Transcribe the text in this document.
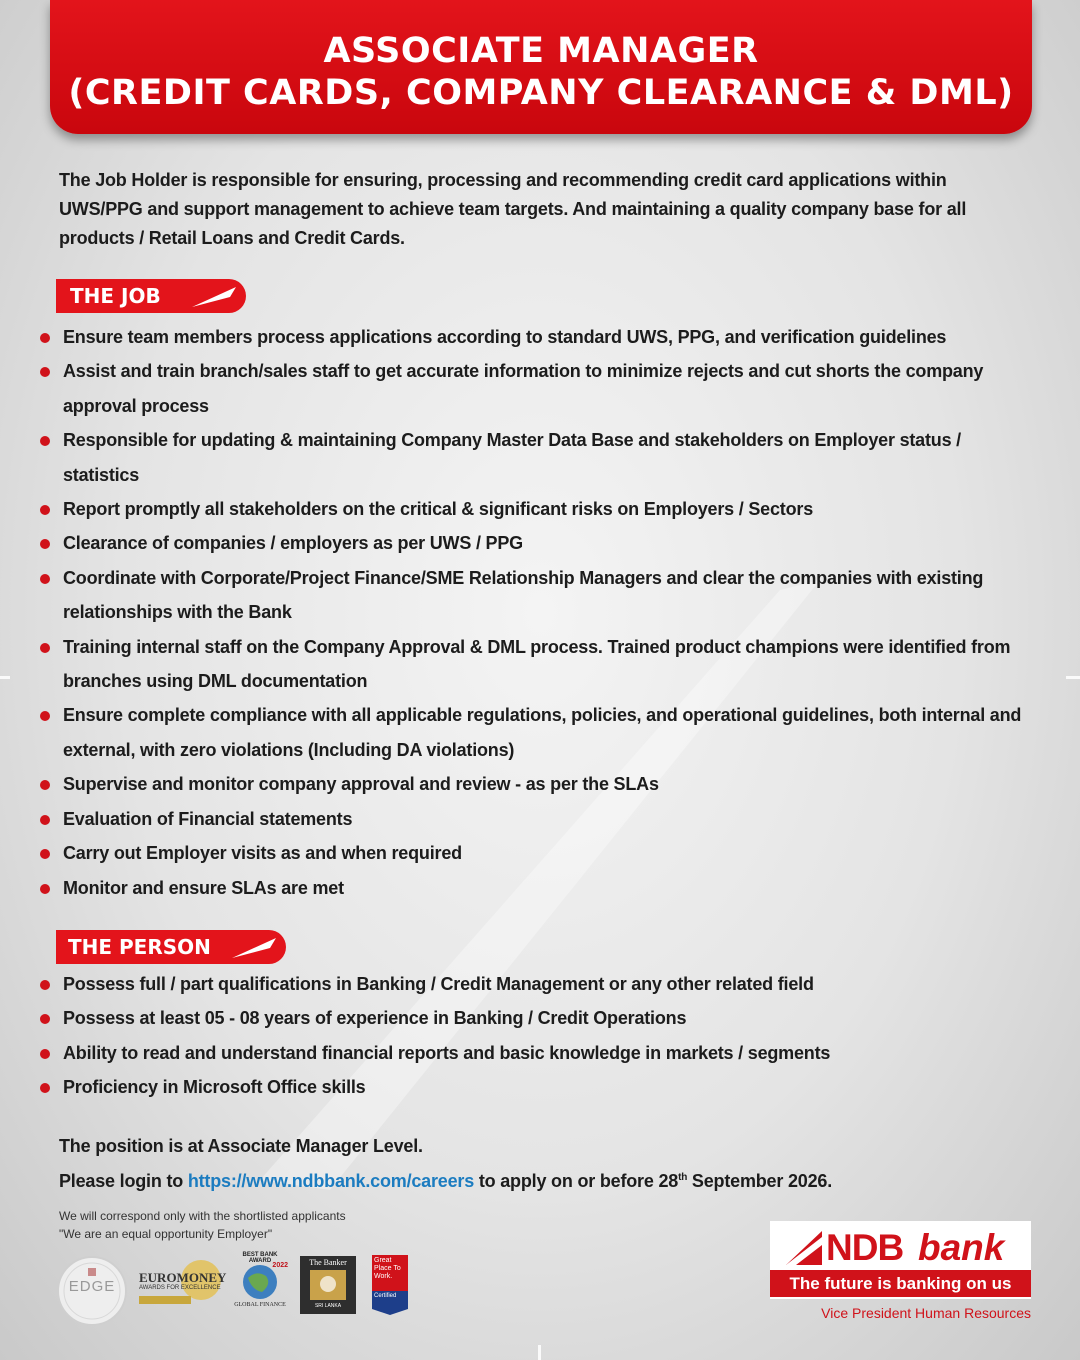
ASSOCIATE MANAGER
(CREDIT CARDS, COMPANY CLEARANCE & DML)
The Job Holder is responsible for ensuring, processing and recommending credit card applications within UWS/PPG and support management to achieve team targets. And maintaining a quality company base for all products / Retail Loans and Credit Cards.
THE JOB
Ensure team members process applications according to standard UWS, PPG, and verification guidelines
Assist and train branch/sales staff to get accurate information to minimize rejects and cut shorts the company approval process
Responsible for updating & maintaining Company Master Data Base and stakeholders on Employer status / statistics
Report promptly all stakeholders on the critical & significant risks on Employers / Sectors
Clearance of companies / employers as per UWS / PPG
Coordinate with Corporate/Project Finance/SME Relationship Managers and clear the companies with existing relationships with the Bank
Training internal staff on the Company Approval & DML process. Trained product champions were identified from branches using DML documentation
Ensure complete compliance with all applicable regulations, policies, and operational guidelines, both internal and external, with zero violations (Including DA violations)
Supervise and monitor company approval and review - as per the SLAs
Evaluation of Financial statements
Carry out Employer visits as and when required
Monitor and ensure SLAs are met
THE PERSON
Possess full / part qualifications in Banking / Credit Management or any other related field
Possess at least 05 - 08 years of experience in Banking / Credit Operations
Ability to read and understand financial reports and basic knowledge in markets / segments
Proficiency in Microsoft Office skills
The position is at Associate Manager Level.
Please login to https://www.ndbbank.com/careers to apply on or before 28th September 2026.
We will correspond only with the shortlisted applicants
"We are an equal opportunity Employer"
EDGE
EUROMONEY
AWARDS FOR EXCELLENCE
BEST BANK AWARD
2022
GLOBAL FINANCE
The Banker
SRI LANKA
Great Place To Work.
Certified
NDB bank
The future is banking on us
Vice President Human Resources
